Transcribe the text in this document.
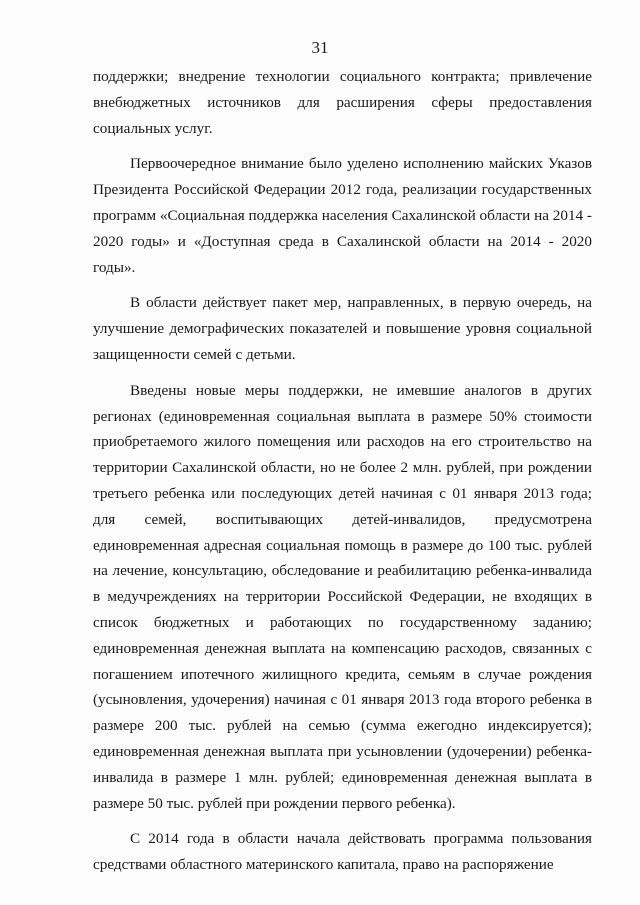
31

поддержки; внедрение технологии социального контракта; привлечение внебюджетных источников для расширения сферы предоставления социальных услуг.

Первоочередное внимание было уделено исполнению майских Указов Президента Российской Федерации 2012 года, реализации государственных программ «Социальная поддержка населения Сахалинской области на 2014 - 2020 годы» и «Доступная среда в Сахалинской области на 2014 - 2020 годы».

В области действует пакет мер, направленных, в первую очередь, на улучшение демографических показателей и повышение уровня социальной защищенности семей с детьми.

Введены новые меры поддержки, не имевшие аналогов в других регионах (единовременная социальная выплата в размере 50% стоимости приобретаемого жилого помещения или расходов на его строительство на территории Сахалинской области, но не более 2 млн. рублей, при рождении третьего ребенка или последующих детей начиная с 01 января 2013 года; для семей, воспитывающих детей-инвалидов, предусмотрена единовременная адресная социальная помощь в размере до 100 тыс. рублей на лечение, консультацию, обследование и реабилитацию ребенка-инвалида в медучреждениях на территории Российской Федерации, не входящих в список бюджетных и работающих по государственному заданию; единовременная денежная выплата на компенсацию расходов, связанных с погашением ипотечного жилищного кредита, семьям в случае рождения (усыновления, удочерения) начиная с 01 января 2013 года второго ребенка в размере 200 тыс. рублей на семью (сумма ежегодно индексируется); единовременная денежная выплата при усыновлении (удочерении) ребенка-инвалида в размере 1 млн. рублей; единовременная денежная выплата в размере 50 тыс. рублей при рождении первого ребенка).

С 2014 года в области начала действовать программа пользования средствами областного материнского капитала, право на распоряжение
